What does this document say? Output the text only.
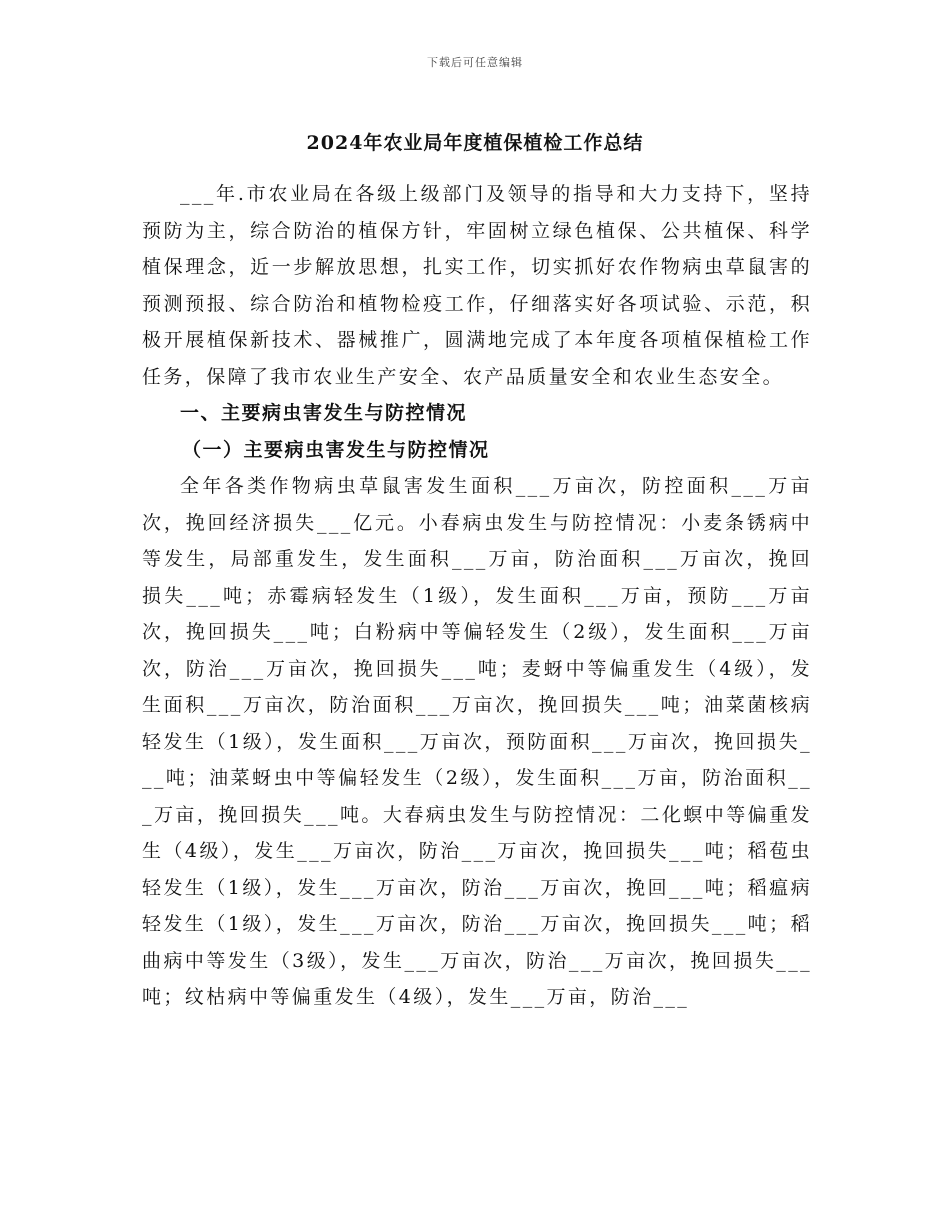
下载后可任意编辑
2024年农业局年度植保植检工作总结

___年.市农业局在各级上级部门及领导的指导和大力支持下，坚持预防为主，综合防治的植保方针，牢固树立绿色植保、公共植保、科学植保理念，近一步解放思想，扎实工作，切实抓好农作物病虫草鼠害的预测预报、综合防治和植物检疫工作，仔细落实好各项试验、示范，积极开展植保新技术、器械推广，圆满地完成了本年度各项植保植检工作任务，保障了我市农业生产安全、农产品质量安全和农业生态安全。

一、主要病虫害发生与防控情况

（一）主要病虫害发生与防控情况

全年各类作物病虫草鼠害发生面积___万亩次，防控面积___万亩次，挽回经济损失___亿元。小春病虫发生与防控情况：小麦条锈病中等发生，局部重发生，发生面积___万亩，防治面积___万亩次，挽回损失___吨；赤霉病轻发生（1级），发生面积___万亩，预防___万亩次，挽回损失___吨；白粉病中等偏轻发生（2级），发生面积___万亩次，防治___万亩次，挽回损失___吨；麦蚜中等偏重发生（4级），发生面积___万亩次，防治面积___万亩次，挽回损失___吨；油菜菌核病轻发生（1级），发生面积___万亩次，预防面积___万亩次，挽回损失___吨；油菜蚜虫中等偏轻发生（2级），发生面积___万亩，防治面积___万亩，挽回损失___吨。大春病虫发生与防控情况：二化螟中等偏重发生（4级），发生___万亩次，防治___万亩次，挽回损失___吨；稻苞虫轻发生（1级），发生___万亩次，防治___万亩次，挽回___吨；稻瘟病轻发生（1级），发生___万亩次，防治___万亩次，挽回损失___吨；稻曲病中等发生（3级），发生___万亩次，防治___万亩次，挽回损失___吨；纹枯病中等偏重发生（4级），发生___万亩，防治___
